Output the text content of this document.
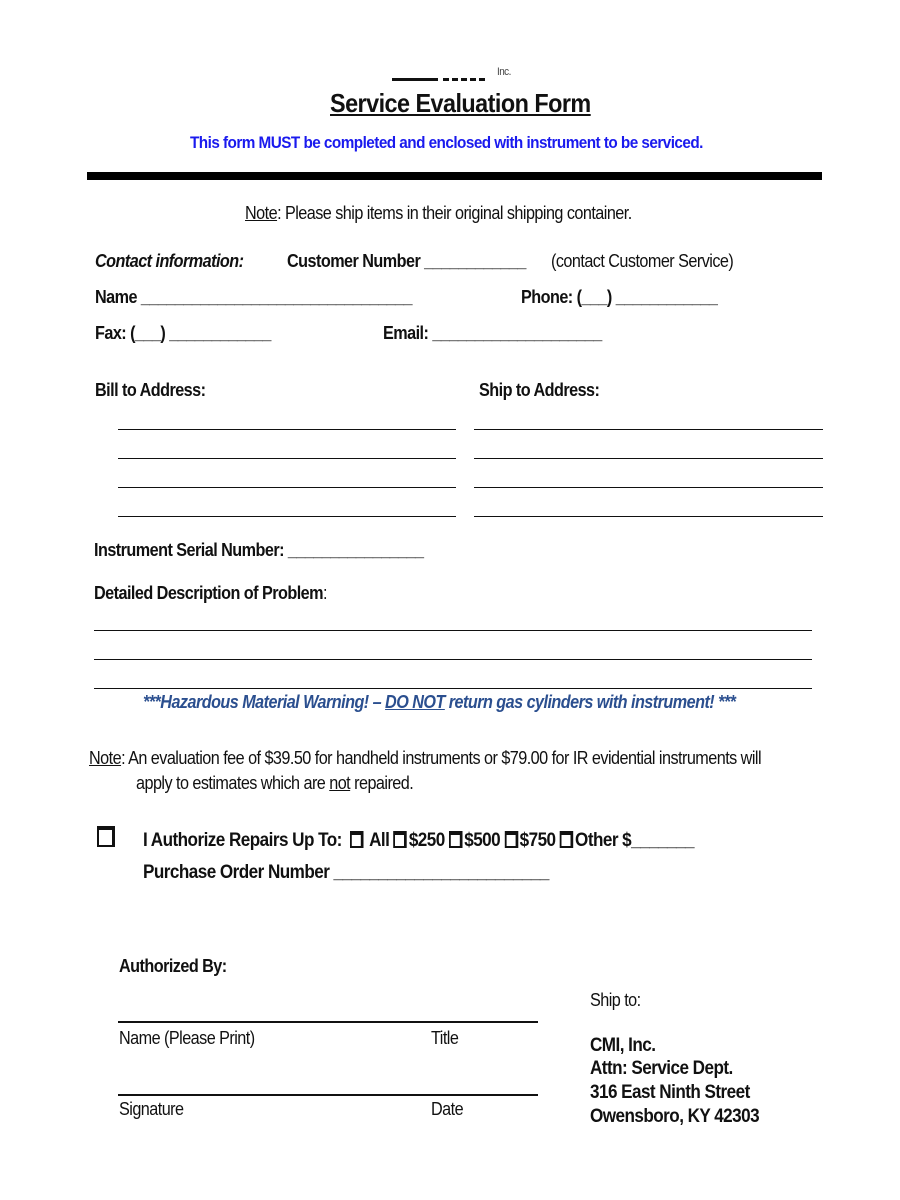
Inc.
Service Evaluation Form
This form MUST be completed and enclosed with instrument to be serviced.
Note: Please ship items in their original shipping container.
Contact information: Customer Number ____________ (contact Customer Service)
Name ________________________________	Phone: (___) ____________
Fax: (___) ____________	Email: ____________________
Bill to Address:	Ship to Address:
Instrument Serial Number: ________________
Detailed Description of Problem:
***Hazardous Material Warning! – DO NOT return gas cylinders with instrument! ***
Note: An evaluation fee of $39.50 for handheld instruments or $79.00 for IR evidential instruments will
apply to estimates which are not repaired.
I Authorize Repairs Up To: All $250 $500 $750 Other $_______
Purchase Order Number ________________________
Authorized By:
Name (Please Print)	Title
Signature	Date
Ship to:
CMI, Inc.
Attn: Service Dept.
316 East Ninth Street
Owensboro, KY 42303
